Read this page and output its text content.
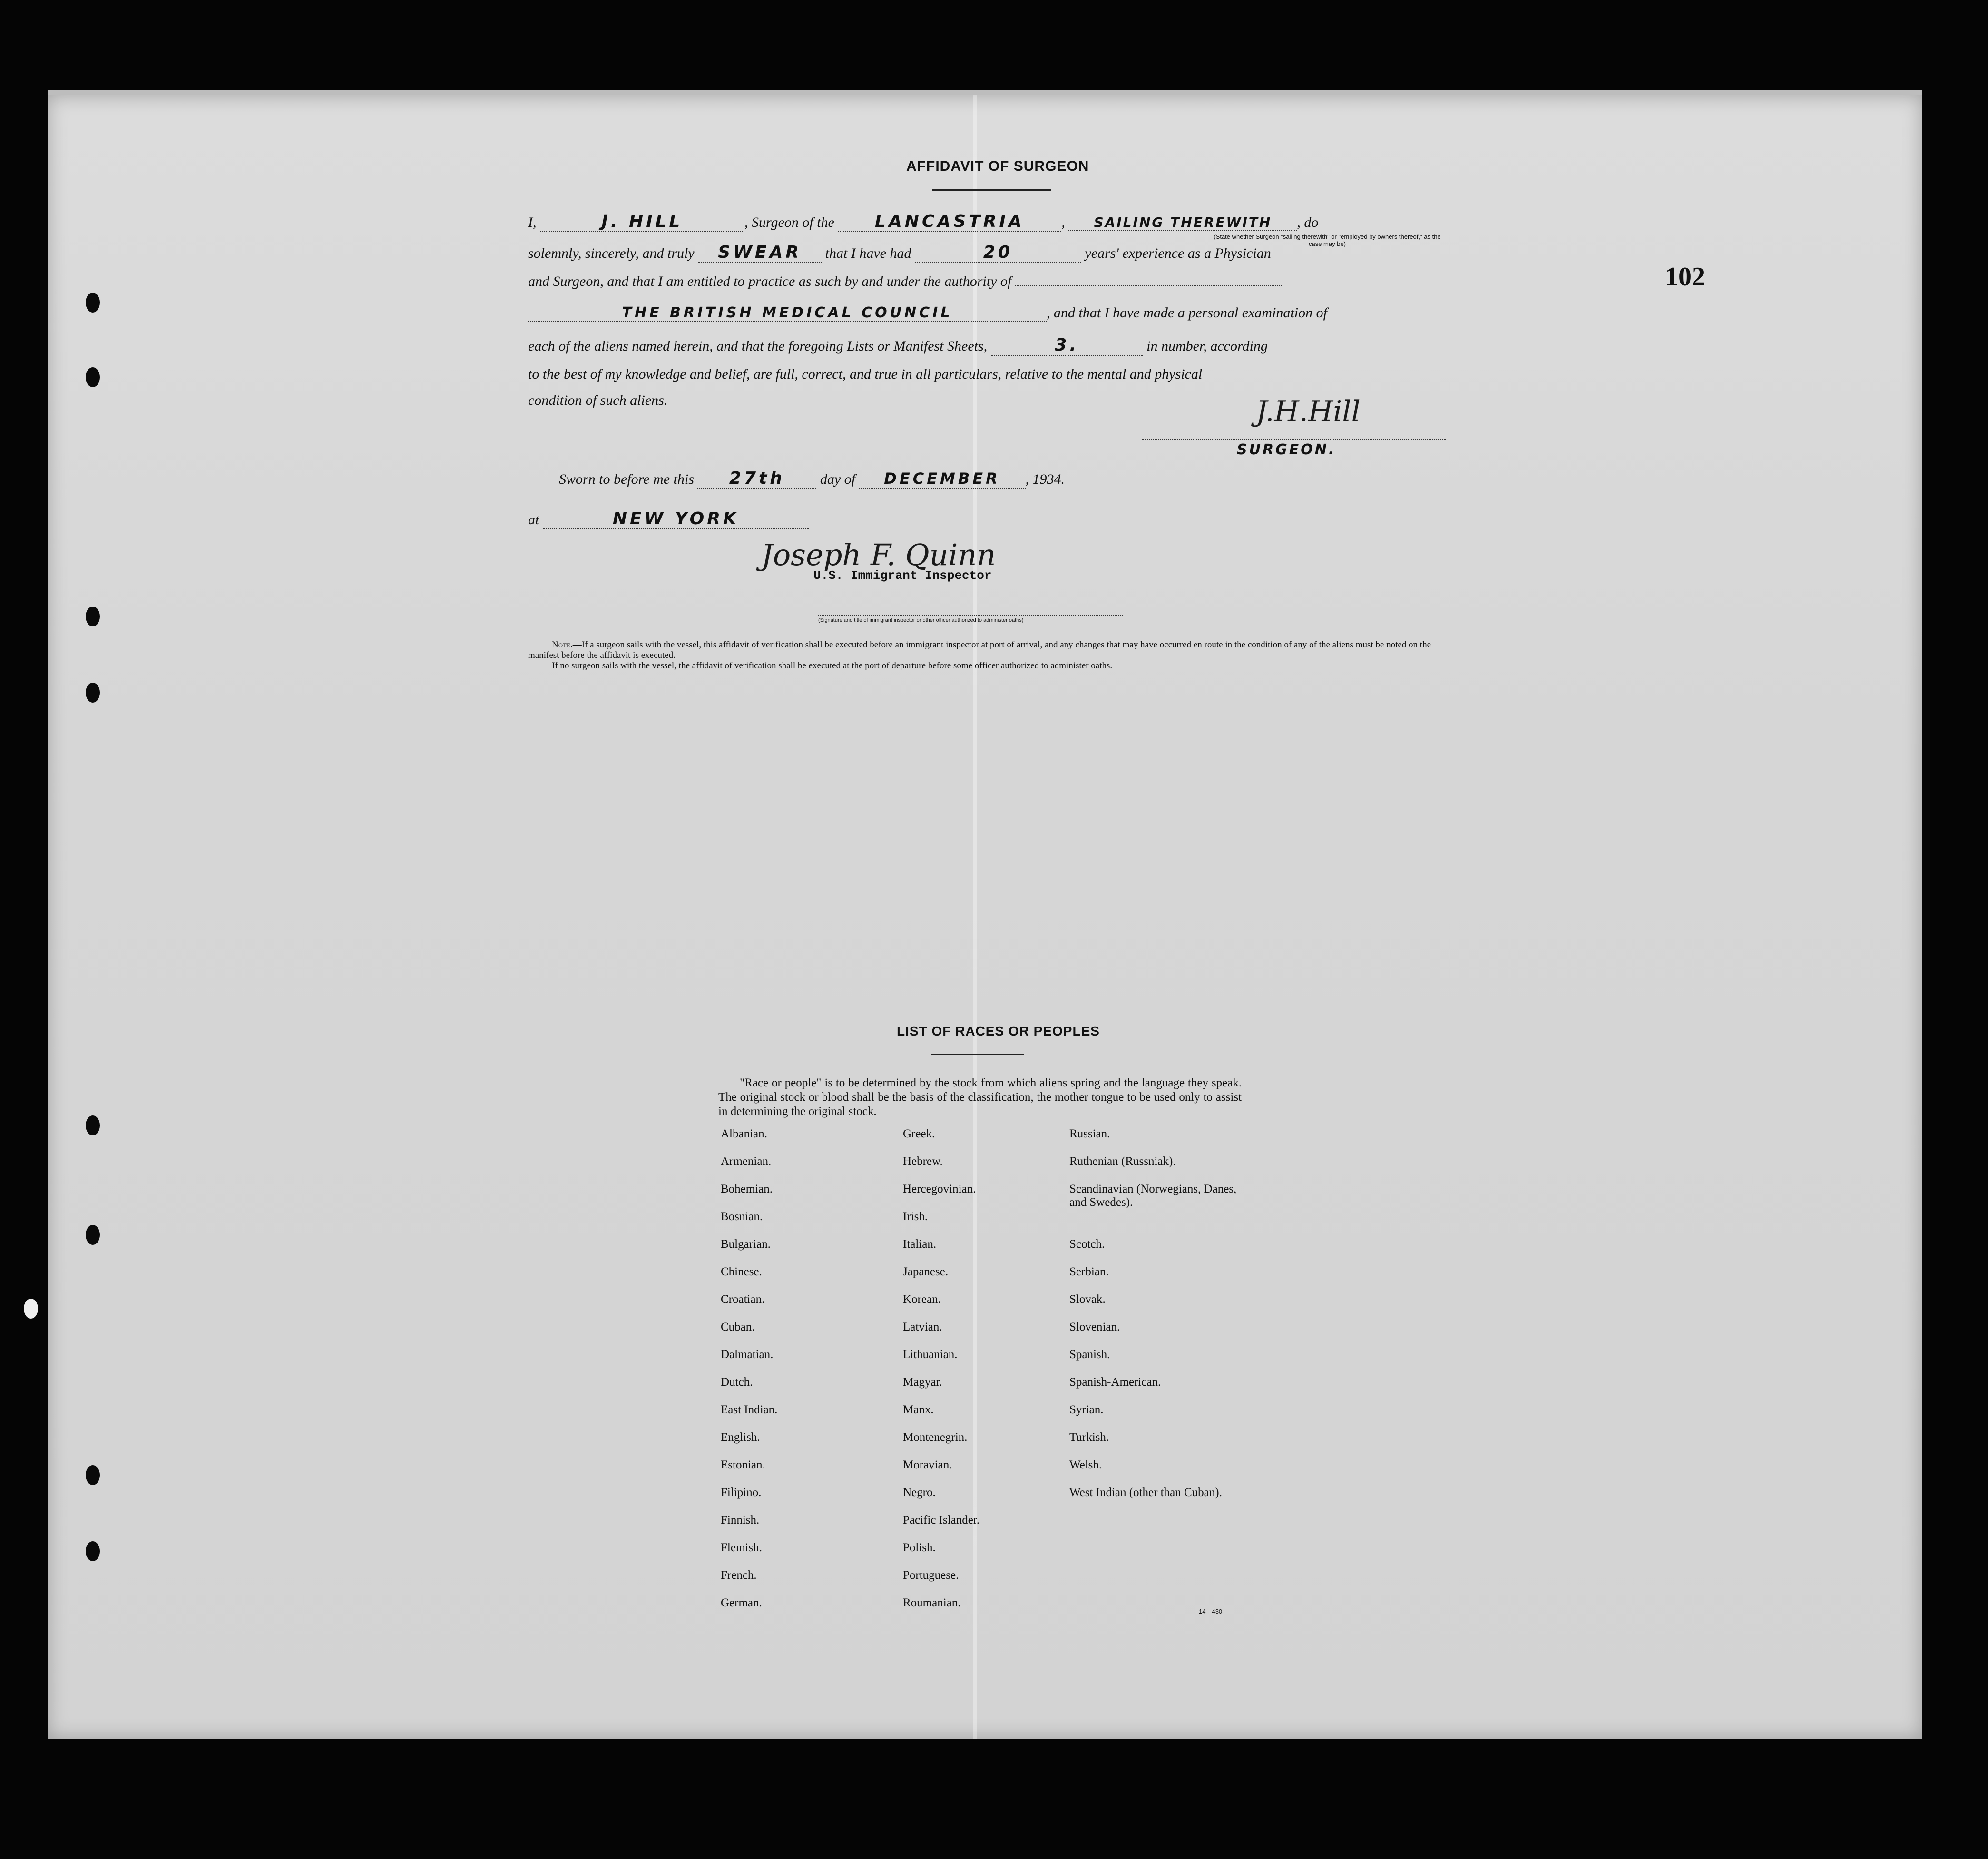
102
AFFIDAVIT OF SURGEON
I,	J. HILL	, Surgeon of the LANCASTRIA	, SAILING THEREWITH , do
(State whether Surgeon "sailing therewith" or "employed by owners thereof," as the case may be)
solemnly, sincerely, and truly SWEAR that I have had	20	years' experience as a Physician
and Surgeon, and that I am entitled to practice as such by and under the authority of
THE BRITISH MEDICAL COUNCIL	, and that I have made a personal examination of
each of the aliens named herein, and that the foregoing Lists or Manifest Sheets,	3.	in number, according
to the best of my knowledge and belief, are full, correct, and true in all particulars, relative to the mental and physical
condition of such aliens.	J.H.Hill
SURGEON.
Sworn to before me this 27th day of DECEMBER , 1934.
at	NEW YORK
Joseph F. Quinn
U.S. Immigrant Inspector
(Signature and title of immigrant inspector or other officer authorized to administer oaths)
Note.—If a surgeon sails with the vessel, this affidavit of verification shall be executed before an immigrant inspector at port of arrival, and any changes that may have occurred en route in the condition of any of the aliens must be noted on the manifest before the affidavit is executed.
If no surgeon sails with the vessel, the affidavit of verification shall be executed at the port of departure before some officer authorized to administer oaths.
LIST OF RACES OR PEOPLES
"Race or people" is to be determined by the stock from which aliens spring and the language they speak. The original stock or blood shall be the basis of the classification, the mother tongue to be used only to assist in determining the original stock.
Albanian.
Armenian.
Bohemian.
Bosnian.
Bulgarian.
Chinese.
Croatian.
Cuban.
Dalmatian.
Dutch.
East Indian.
English.
Estonian.
Filipino.
Finnish.
Flemish.
French.
German.
Greek.
Hebrew.
Hercegovinian.
Irish.
Italian.
Japanese.
Korean.
Latvian.
Lithuanian.
Magyar.
Manx.
Montenegrin.
Moravian.
Negro.
Pacific Islander.
Polish.
Portuguese.
Roumanian.
Russian.
Ruthenian (Russniak).
Scandinavian (Norwegians, Danes, and Swedes).
Scotch.
Serbian.
Slovak.
Slovenian.
Spanish.
Spanish-American.
Syrian.
Turkish.
Welsh.
West Indian (other than Cuban).
14—430
